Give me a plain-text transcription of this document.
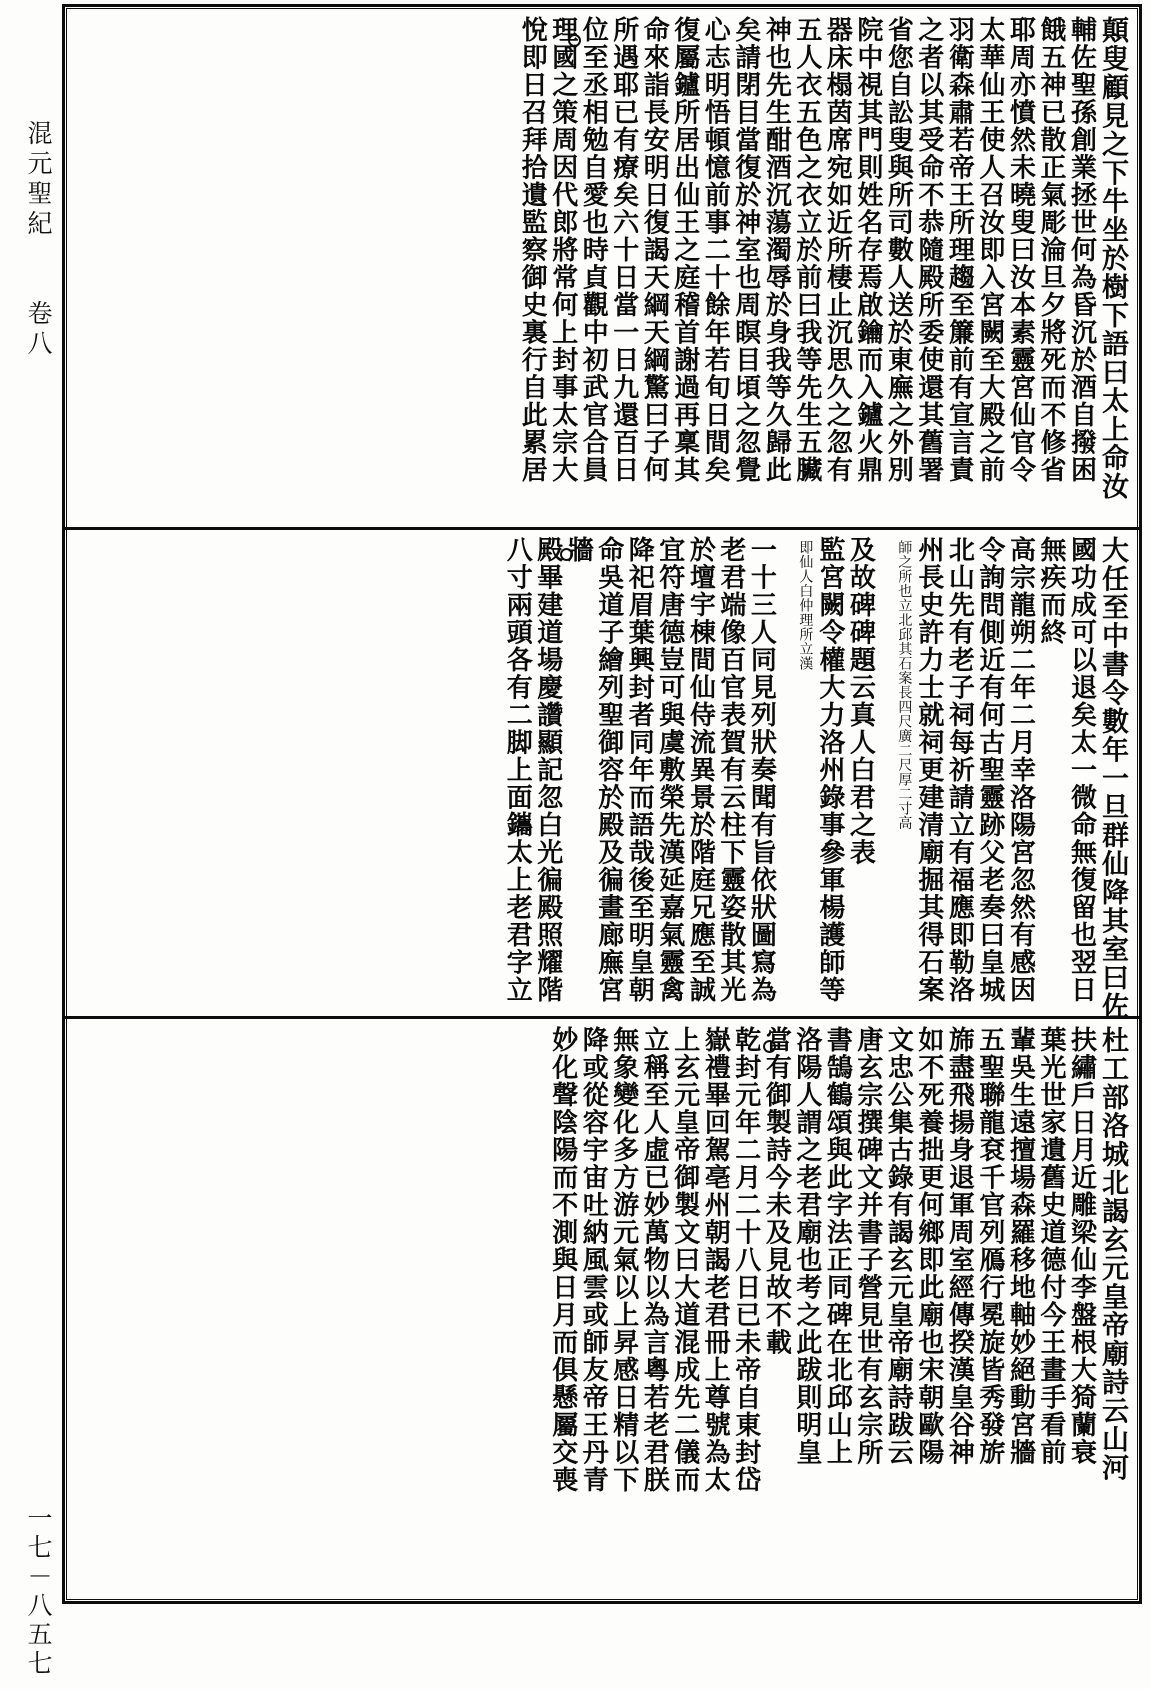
混元聖紀 卷八
一七－八五七
顛叟顧見之下牛坐於樹下語曰太上命汝
輔佐聖孫創業拯世何為昏沉於酒自撥困
餓五神已散正氣彫淪旦夕將死而不修省
耶周亦憤然未曉叟曰汝本素靈宮仙官令
太華仙王使人召汝即入宮闕至大殿之前
羽衛森肅若帝王所理趨至簾前有宣言責
之者以其受命不恭隨殿所委使還其舊署
省您自訟叟與所司數人送於東廡之外別
院中視其門則姓名存焉啟鑰而入鑪火鼎
器床榻茵席宛如近所棲止沉思久之忽有
五人衣五色之衣立於前曰我等先生五臟
神也先生酣酒沉蕩濁辱於身我等久歸此
矣請閉目當復於神室也周瞑目頃之忽覺
心志明悟頓憶前事二十餘年若旬日間矣
復屬鑪所居出仙王之庭稽首謝過再稟其
命來詣長安明日復謁天綱天綱驚曰子何
所遇耶已有療矣六十日當一日九還百日
位至丞相勉自愛也時貞觀中初武官合員
理國之策周因代郎將常何上封事太宗大
悅即日召拜拾遺監察御史裏行自此累居
大任至中書令數年一旦群仙降其室曰佐
國功成可以退矣太一微命無復留也翌日
無疾而終
高宗龍朔二年二月幸洛陽宮忽然有感因
令詢問側近有何古聖靈跡父老奏曰皇城
北山先有老子祠每祈請立有福應即勒洛
州長史許力士就祠更建清廟掘其得石案
師之所也立北邱其石案長四尺廣二尺厚二寸高
及故碑碑題云真人白君之表
監宮闕令權大力洛州錄事參軍楊護師等
即仙人白仲理所立漢
一十三人同見列狀奏聞有旨依狀圖寫為
老君端像百官表賀有云柱下靈姿散其光
於壇宇棟間仙侍流異景於階庭兄應至誠
宜符唐德豈可與虞敷榮先漢延嘉氣靈禽
降祀眉葉興封者同年而語哉後至明皇朝
命吳道子繪列聖御容於殿及徧畫廊廡宮
牆
殿畢建道場慶讚顯記忽白光徧殿照耀階
八寸兩頭各有二脚上面鑴太上老君字立
杜工部洛城北謁玄元皇帝廟詩云山河
扶繡戶日月近雕梁仙李盤根大猗蘭衰
葉光世家遺舊史道德付今王畫手看前
輩吳生遠擅場森羅移地軸妙絕動宮牆
五聖聯龍袞千官列鴈行冕旋皆秀發旂
旆盡飛揚身退軍周室經傳揆漢皇谷神
如不死養拙更何鄉即此廟也宋朝歐陽
文忠公集古錄有謁玄元皇帝廟詩跋云
唐玄宗撰碑文并書子營見世有玄宗所
書鵠鶴頌與此字法正同碑在北邱山上
洛陽人謂之老君廟也考之此跋則明皇
當有御製詩今未及見故不載
乾封元年二月二十八日已未帝自東封岱
嶽禮畢回駕亳州朝謁老君冊上尊號為太
上玄元皇帝御製文曰大道混成先二儀而
立稱至人虛已妙萬物以為言粵若老君朕
無象變化多方游元氣以上昇感日精以下
降或從容宇宙吐納風雲或師友帝王丹青
妙化聲陰陽而不測與日月而俱懸屬交喪
